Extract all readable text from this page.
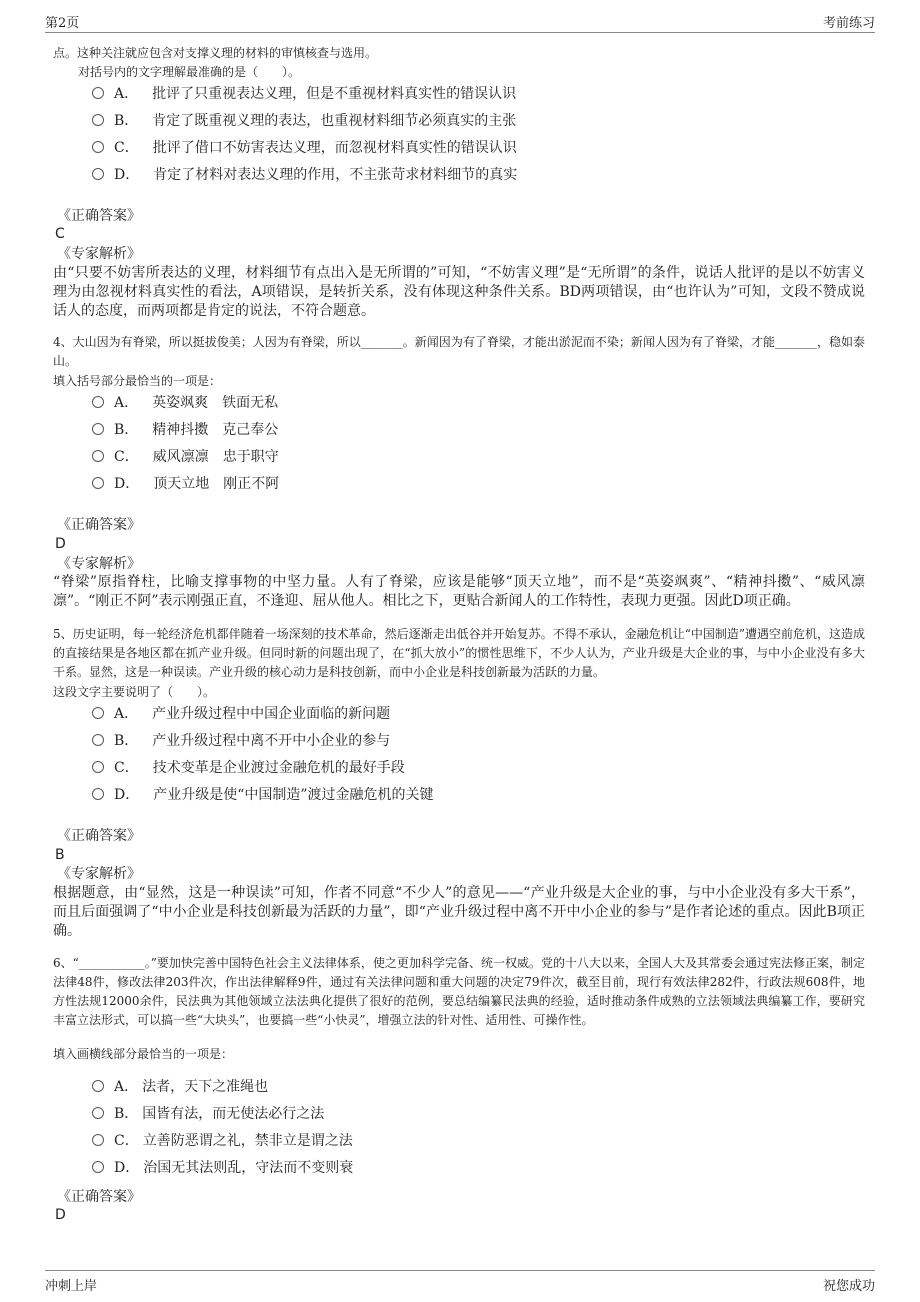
第2页	考前练习
点。这种关注就应包含对支撑义理的材料的审慎核查与选用。
对括号内的文字理解最准确的是（　　）。
A． 批评了只重视表达义理，但是不重视材料真实性的错误认识
B． 肯定了既重视义理的表达，也重视材料细节必须真实的主张
C． 批评了借口不妨害表达义理，而忽视材料真实性的错误认识
D． 肯定了材料对表达义理的作用，不主张苛求材料细节的真实
《正确答案》
C
《专家解析》
由“只要不妨害所表达的义理，材料细节有点出入是无所谓的”可知，“不妨害义理”是“无所谓”的条件，说话人批评的是以不妨害义理为由忽视材料真实性的看法，A项错误，是转折关系，没有体现这种条件关系。BD两项错误，由“也许认为”可知，文段不赞成说话人的态度，而两项都是肯定的说法，不符合题意。
4、大山因为有脊梁，所以挺拔俊美；人因为有脊梁，所以_______。新闻因为有了脊梁，才能出淤泥而不染；新闻人因为有了脊梁，才能_______，稳如泰山。
填入括号部分最恰当的一项是：
A． 英姿飒爽　铁面无私
B． 精神抖擞　克己奉公
C． 威风凛凛　忠于职守
D． 顶天立地　刚正不阿
《正确答案》
D
《专家解析》
“脊梁”原指脊柱，比喻支撑事物的中坚力量。人有了脊梁，应该是能够“顶天立地”，而不是“英姿飒爽”、“精神抖擞”、“威风凛凛”。“刚正不阿”表示刚强正直，不逢迎、屈从他人。相比之下，更贴合新闻人的工作特性，表现力更强。因此D项正确。
5、历史证明，每一轮经济危机都伴随着一场深刻的技术革命，然后逐渐走出低谷并开始复苏。不得不承认，金融危机让“中国制造”遭遇空前危机，这造成的直接结果是各地区都在抓产业升级。但同时新的问题出现了，在“抓大放小”的惯性思维下，不少人认为，产业升级是大企业的事，与中小企业没有多大干系。显然，这是一种误读。产业升级的核心动力是科技创新，而中小企业是科技创新最为活跃的力量。
这段文字主要说明了（　　）。
A． 产业升级过程中中国企业面临的新问题
B． 产业升级过程中离不开中小企业的参与
C． 技术变革是企业渡过金融危机的最好手段
D． 产业升级是使“中国制造”渡过金融危机的关键
《正确答案》
B
《专家解析》
根据题意，由“显然，这是一种误读”可知，作者不同意“不少人”的意见——“产业升级是大企业的事，与中小企业没有多大干系”，而且后面强调了“中小企业是科技创新最为活跃的力量”，即“产业升级过程中离不开中小企业的参与”是作者论述的重点。因此B项正确。
6、“___________。”要加快完善中国特色社会主义法律体系，使之更加科学完备、统一权威。党的十八大以来，全国人大及其常委会通过宪法修正案，制定法律48件，修改法律203件次，作出法律解释9件，通过有关法律问题和重大问题的决定79件次，截至目前，现行有效法律282件，行政法规608件，地方性法规12000余件，民法典为其他领域立法法典化提供了很好的范例，要总结编纂民法典的经验，适时推动条件成熟的立法领域法典编纂工作，要研究丰富立法形式，可以搞一些“大块头”，也要搞一些“小快灵”，增强立法的针对性、适用性、可操作性。
填入画横线部分最恰当的一项是：
A． 法者，天下之准绳也
B． 国皆有法，而无使法必行之法
C． 立善防恶谓之礼，禁非立是谓之法
D． 治国无其法则乱，守法而不变则衰
《正确答案》
D
冲刺上岸	祝您成功
